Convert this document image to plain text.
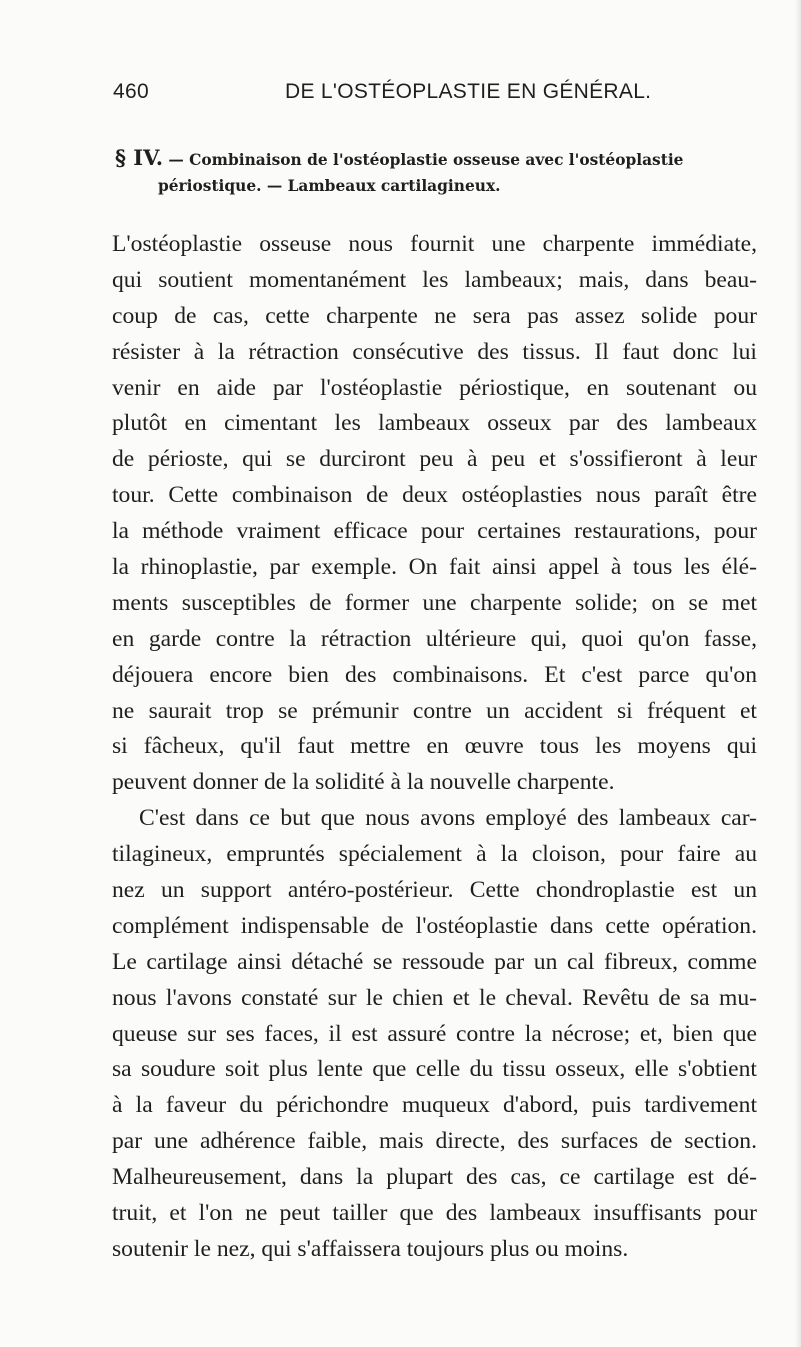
460	DE L'OSTÉOPLASTIE EN GÉNÉRAL.
§ IV. — Combinaison de l'ostéoplastie osseuse avec l'ostéoplastie
périostique. — Lambeaux cartilagineux.
L'ostéoplastie osseuse nous fournit une charpente immédiate,
qui soutient momentanément les lambeaux; mais, dans beau-
coup de cas, cette charpente ne sera pas assez solide pour
résister à la rétraction consécutive des tissus. Il faut donc lui
venir en aide par l'ostéoplastie périostique, en soutenant ou
plutôt en cimentant les lambeaux osseux par des lambeaux
de périoste, qui se durciront peu à peu et s'ossifieront à leur
tour. Cette combinaison de deux ostéoplasties nous paraît être
la méthode vraiment efficace pour certaines restaurations, pour
la rhinoplastie, par exemple. On fait ainsi appel à tous les élé-
ments susceptibles de former une charpente solide; on se met
en garde contre la rétraction ultérieure qui, quoi qu'on fasse,
déjouera encore bien des combinaisons. Et c'est parce qu'on
ne saurait trop se prémunir contre un accident si fréquent et
si fâcheux, qu'il faut mettre en œuvre tous les moyens qui
peuvent donner de la solidité à la nouvelle charpente.
C'est dans ce but que nous avons employé des lambeaux car-
tilagineux, empruntés spécialement à la cloison, pour faire au
nez un support antéro-postérieur. Cette chondroplastie est un
complément indispensable de l'ostéoplastie dans cette opération.
Le cartilage ainsi détaché se ressoude par un cal fibreux, comme
nous l'avons constaté sur le chien et le cheval. Revêtu de sa mu-
queuse sur ses faces, il est assuré contre la nécrose; et, bien que
sa soudure soit plus lente que celle du tissu osseux, elle s'obtient
à la faveur du périchondre muqueux d'abord, puis tardivement
par une adhérence faible, mais directe, des surfaces de section.
Malheureusement, dans la plupart des cas, ce cartilage est dé-
truit, et l'on ne peut tailler que des lambeaux insuffisants pour
soutenir le nez, qui s'affaissera toujours plus ou moins.
